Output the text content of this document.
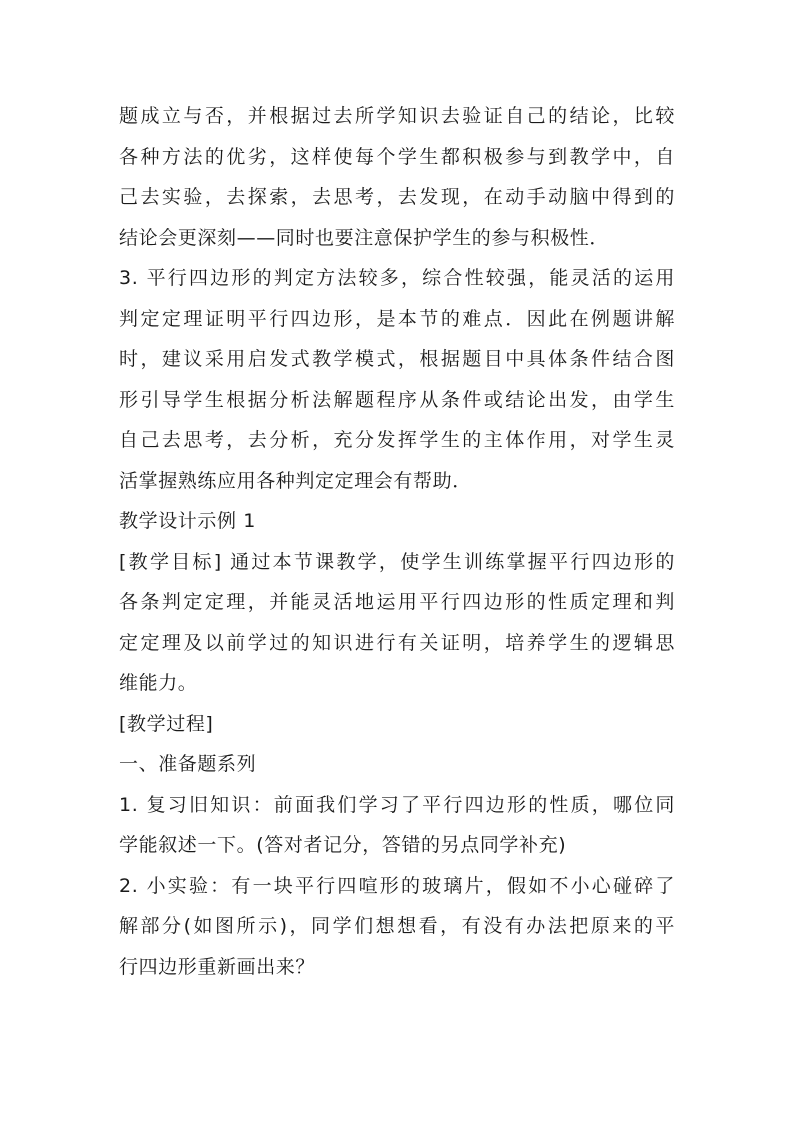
题成立与否，并根据过去所学知识去验证自己的结论，比较
各种方法的优劣，这样使每个学生都积极参与到教学中，自
己去实验，去探索，去思考，去发现，在动手动脑中得到的
结论会更深刻——同时也要注意保护学生的参与积极性．
3. 平行四边形的判定方法较多，综合性较强，能灵活的运用
判定定理证明平行四边形，是本节的难点．因此在例题讲解
时，建议采用启发式教学模式，根据题目中具体条件结合图
形引导学生根据分析法解题程序从条件或结论出发，由学生
自己去思考，去分析，充分发挥学生的主体作用，对学生灵
活掌握熟练应用各种判定定理会有帮助．
教学设计示例 1
[教学目标] 通过本节课教学，使学生训练掌握平行四边形的
各条判定定理，并能灵活地运用平行四边形的性质定理和判
定定理及以前学过的知识进行有关证明，培养学生的逻辑思
维能力。
[教学过程]
一、准备题系列
1. 复习旧知识：前面我们学习了平行四边形的性质，哪位同
学能叙述一下。(答对者记分，答错的另点同学补充)
2. 小实验：有一块平行四喧形的玻璃片，假如不小心碰碎了
解部分(如图所示)，同学们想想看，有没有办法把原来的平
行四边形重新画出来？
